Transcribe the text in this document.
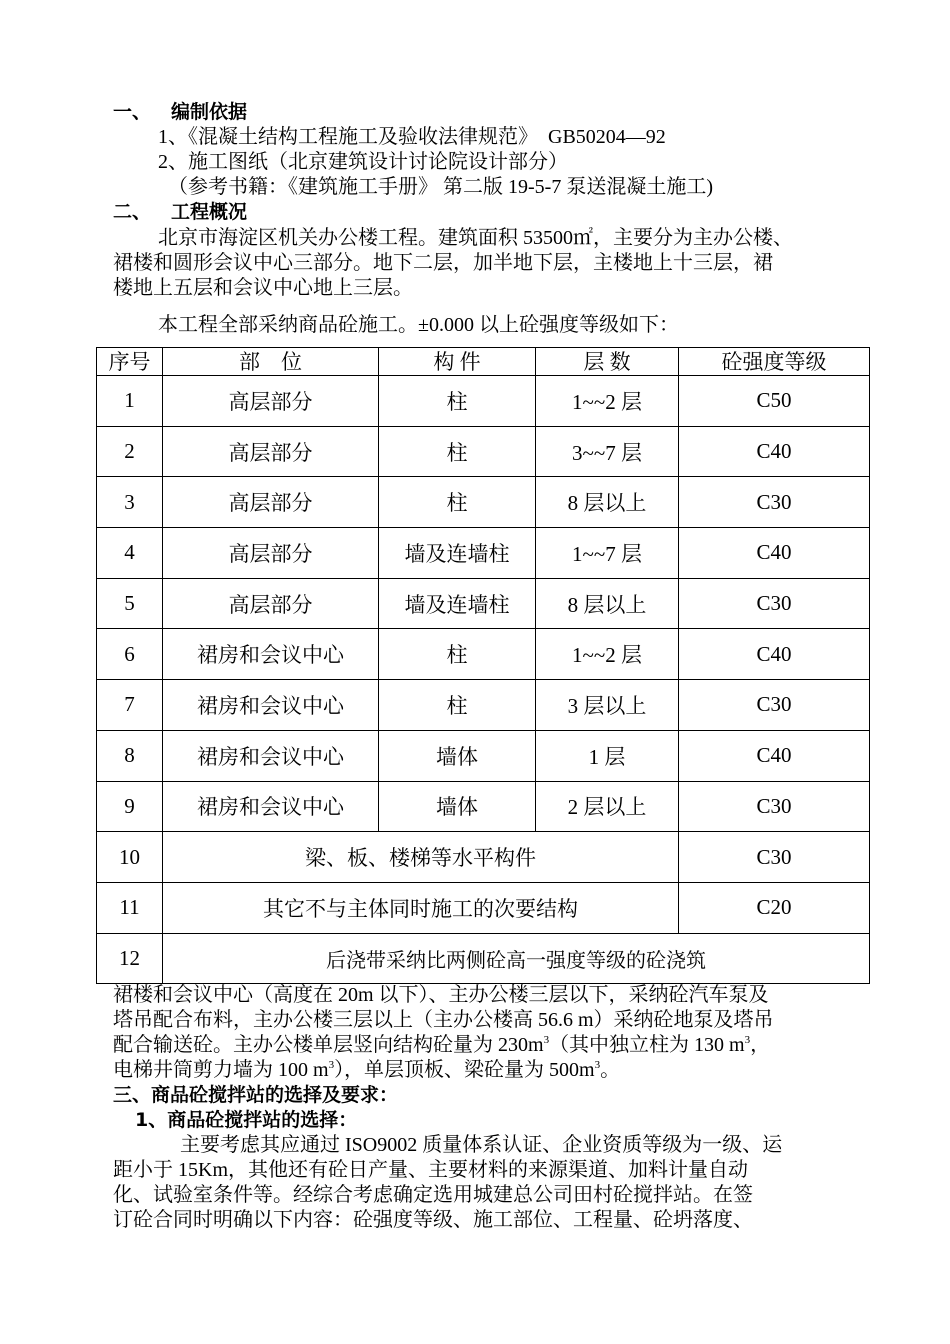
一、 编制依据
1、《混凝土结构工程施工及验收法律规范》　GB50204—92
2、施工图纸（北京建筑设计讨论院设计部分）
（参考书籍：《建筑施工手册》 第二版 19-5-7 泵送混凝土施工)
二、 工程概况
北京市海淀区机关办公楼工程。建筑面积 53500㎡，主要分为主办公楼、
裙楼和圆形会议中心三部分。地下二层，加半地下层，主楼地上十三层，裙
楼地上五层和会议中心地上三层。
本工程全部采纳商品砼施工。±0.000 以上砼强度等级如下：
序号	部　位	构 件	层 数	砼强度等级
1	高层部分	柱	1~~2 层	C50
2	高层部分	柱	3~~7 层	C40
3	高层部分	柱	8 层以上	C30
4	高层部分	墙及连墙柱	1~~7 层	C40
5	高层部分	墙及连墙柱	8 层以上	C30
6	裙房和会议中心	柱	1~~2 层	C40
7	裙房和会议中心	柱	3 层以上	C30
8	裙房和会议中心	墙体	1 层	C40
9	裙房和会议中心	墙体	2 层以上	C30
10	梁、板、楼梯等水平构件			C30
11	其它不与主体同时施工的次要结构			C20
12	后浇带采纳比两侧砼高一强度等级的砼浇筑			
裙楼和会议中心（高度在 20m 以下）、主办公楼三层以下，采纳砼汽车泵及
塔吊配合布料，主办公楼三层以上（主办公楼高 56.6 m）采纳砼地泵及塔吊
配合输送砼。主办公楼单层竖向结构砼量为 $230m^3$（其中独立柱为 130 $m^3$，
电梯井筒剪力墙为 100 $m^3$），单层顶板、梁砼量为 $500m^3$。
三、商品砼搅拌站的选择及要求：
1、商品砼搅拌站的选择：
主要考虑其应通过 ISO9002 质量体系认证、企业资质等级为一级、运
距小于 15Km，其他还有砼日产量、主要材料的来源渠道、加料计量自动
化、试验室条件等。经综合考虑确定选用城建总公司田村砼搅拌站。在签
订砼合同时明确以下内容：砼强度等级、施工部位、工程量、砼坍落度、
